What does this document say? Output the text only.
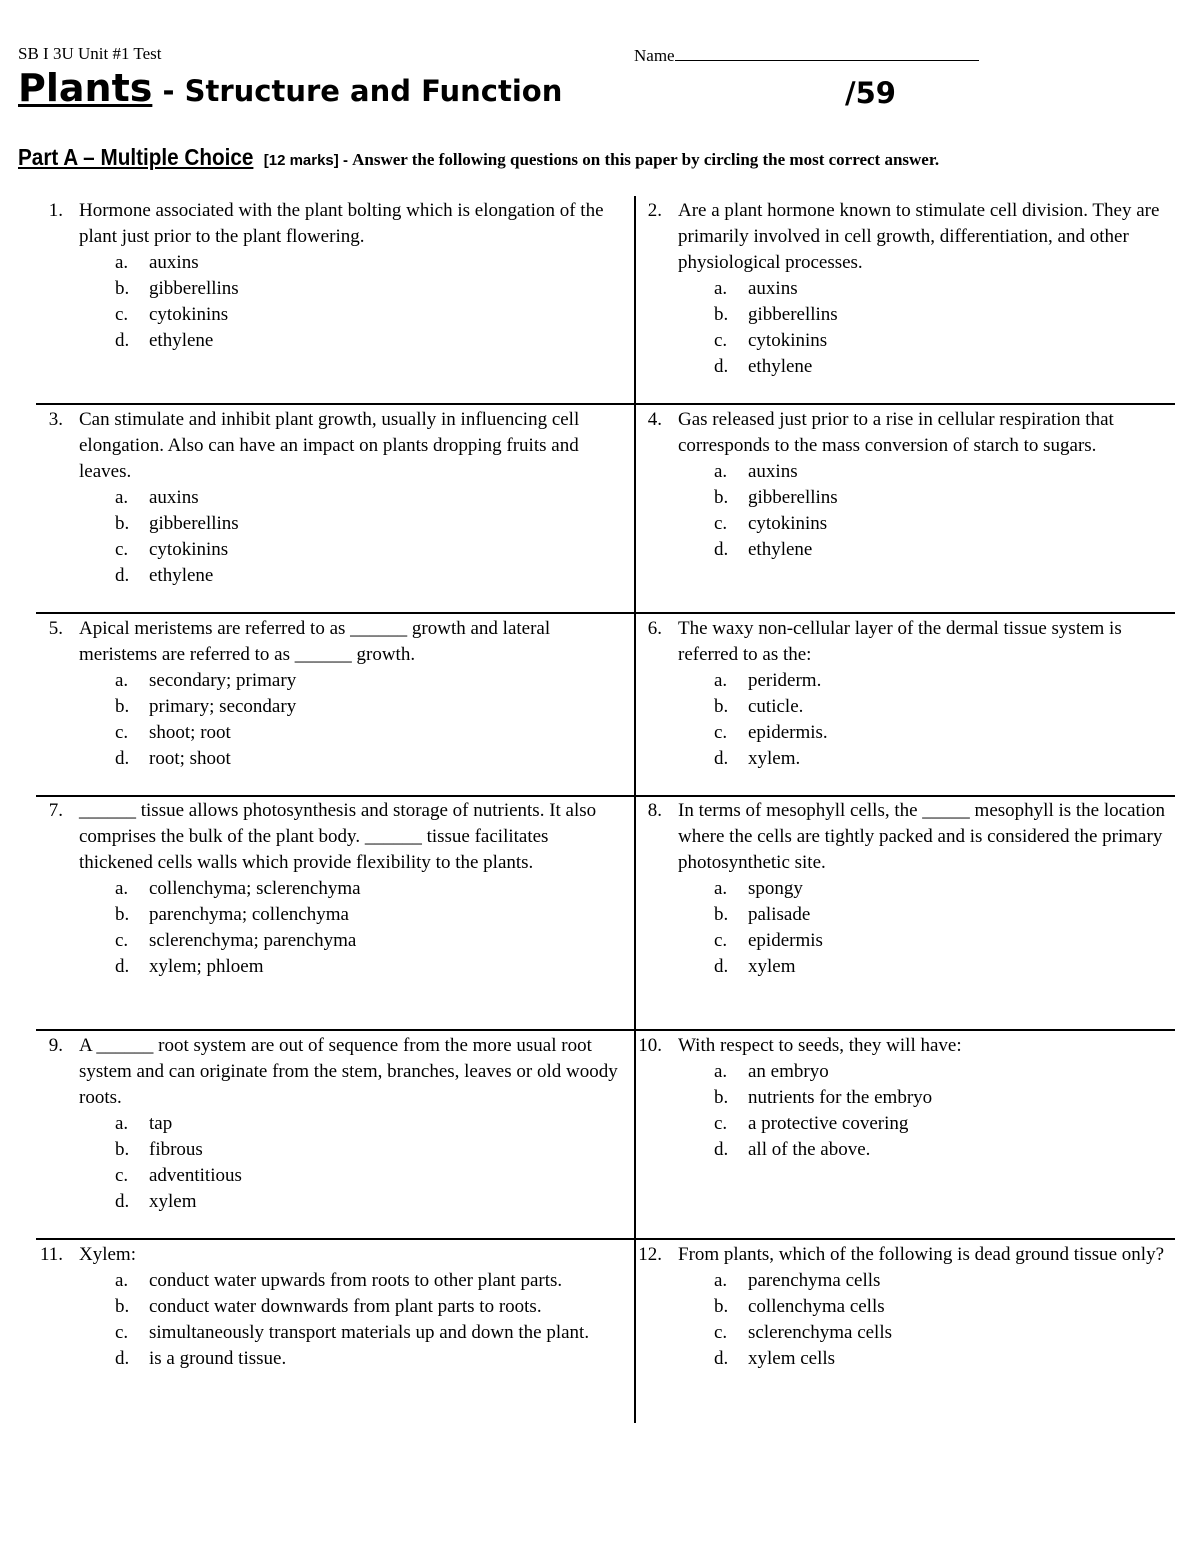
SB I 3U Unit #1 Test	Name
Plants - Structure and Function	/59
Part A – Multiple Choice [12 marks] - Answer the following questions on this paper by circling the most correct answer.
1. Hormone associated with the plant bolting which is elongation of the plant just prior to the plant flowering.
a. auxins
b. gibberellins
c. cytokinins
d. ethylene
2. Are a plant hormone known to stimulate cell division. They are primarily involved in cell growth, differentiation, and other physiological processes.
a. auxins
b. gibberellins
c. cytokinins
d. ethylene
3. Can stimulate and inhibit plant growth, usually in influencing cell elongation. Also can have an impact on plants dropping fruits and leaves.
a. auxins
b. gibberellins
c. cytokinins
d. ethylene
4. Gas released just prior to a rise in cellular respiration that corresponds to the mass conversion of starch to sugars.
a. auxins
b. gibberellins
c. cytokinins
d. ethylene
5. Apical meristems are referred to as ______ growth and lateral meristems are referred to as ______ growth.
a. secondary; primary
b. primary; secondary
c. shoot; root
d. root; shoot
6. The waxy non-cellular layer of the dermal tissue system is referred to as the:
a. periderm.
b. cuticle.
c. epidermis.
d. xylem.
7. ______ tissue allows photosynthesis and storage of nutrients. It also comprises the bulk of the plant body. ______ tissue facilitates thickened cells walls which provide flexibility to the plants.
a. collenchyma; sclerenchyma
b. parenchyma; collenchyma
c. sclerenchyma; parenchyma
d. xylem; phloem
8. In terms of mesophyll cells, the _____ mesophyll is the location where the cells are tightly packed and is considered the primary photosynthetic site.
a. spongy
b. palisade
c. epidermis
d. xylem
9. A ______ root system are out of sequence from the more usual root system and can originate from the stem, branches, leaves or old woody roots.
a. tap
b. fibrous
c. adventitious
d. xylem
10. With respect to seeds, they will have:
a. an embryo
b. nutrients for the embryo
c. a protective covering
d. all of the above.
11. Xylem:
a. conduct water upwards from roots to other plant parts.
b. conduct water downwards from plant parts to roots.
c. simultaneously transport materials up and down the plant.
d. is a ground tissue.
12. From plants, which of the following is dead ground tissue only?
a. parenchyma cells
b. collenchyma cells
c. sclerenchyma cells
d. xylem cells
